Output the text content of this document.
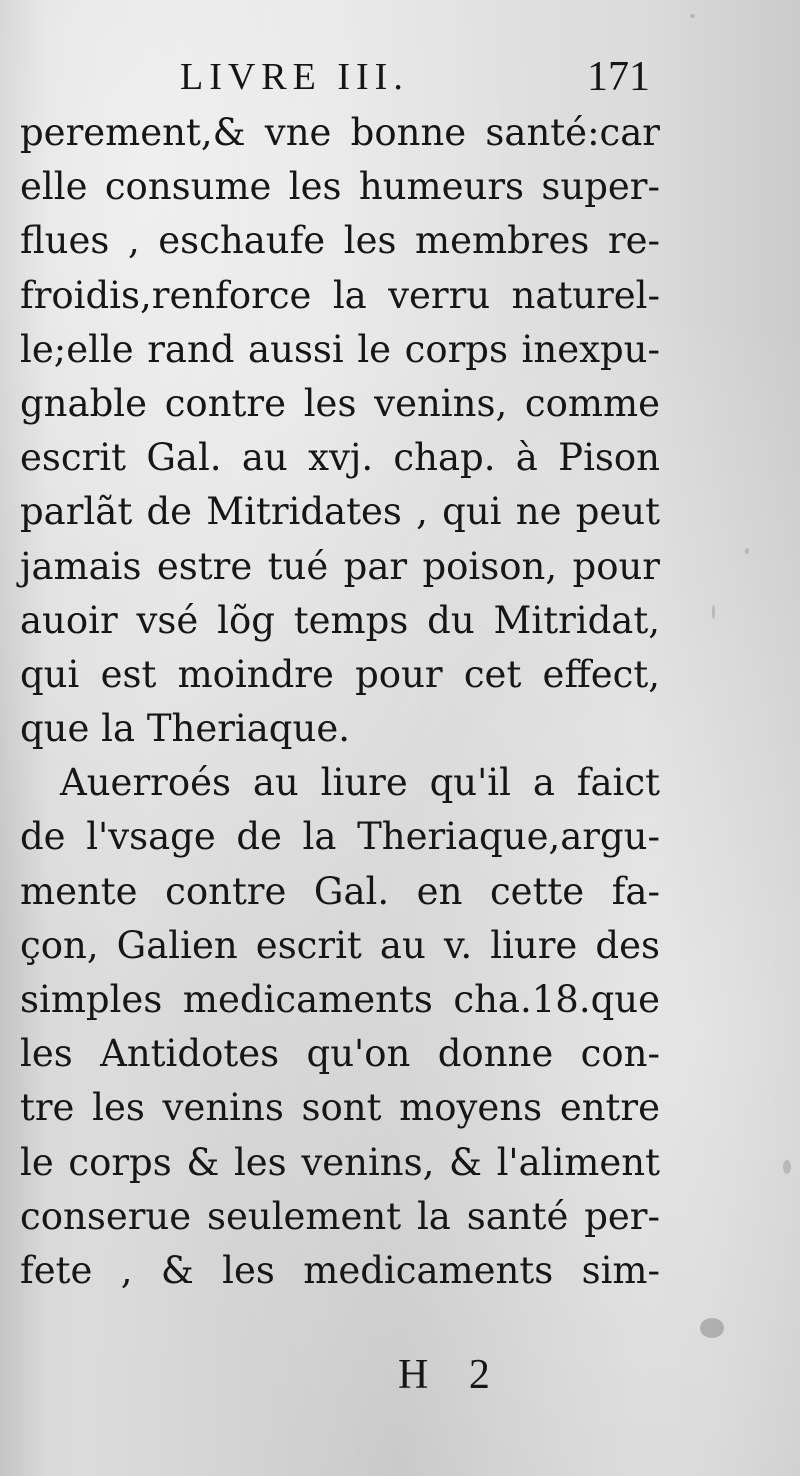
LIVRE III.	171
perement,& vne bonne santé:car
elle consume les humeurs super-
flues , eschaufe les membres re-
froidis,renforce la verru naturel-
le;elle rand aussi le corps inexpu-
gnable contre les venins, comme
escrit Gal. au xvj. chap. à Pison
parlãt de Mitridates , qui ne peut
jamais estre tué par poison, pour
auoir vsé lõg temps du Mitridat,
qui est moindre pour cet effect,
que la Theriaque.
Auerroés au liure qu'il a faict
de l'vsage de la Theriaque,argu-
mente contre Gal. en cette fa-
çon, Galien escrit au v. liure des
simples medicaments cha.18.que
les Antidotes qu'on donne con-
tre les venins sont moyens entre
le corps & les venins, & l'aliment
conserue seulement la santé per-
fete , & les medicaments sim-
H 2
